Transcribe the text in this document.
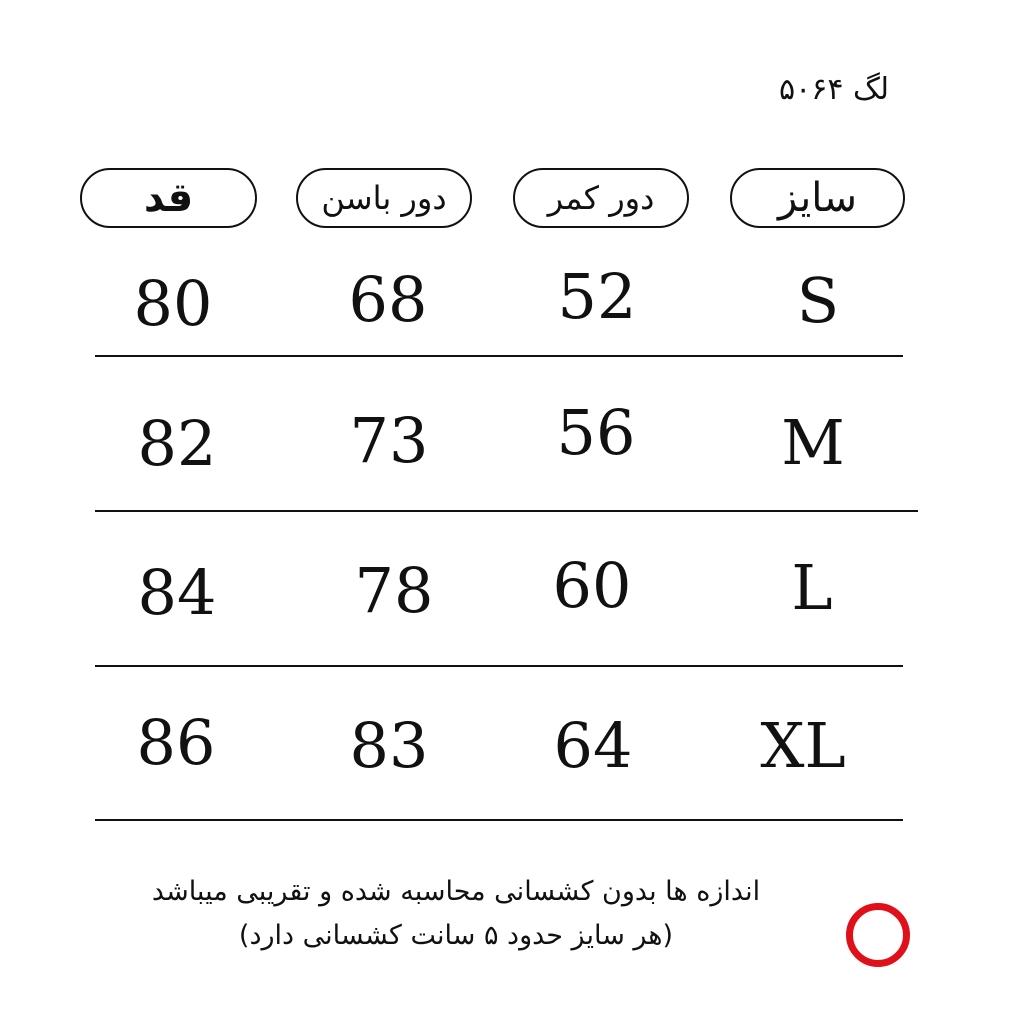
لگ ۵۰۶۴
سایز
دور کمر
دور باسن
قد
S
52
68
80
M
56
73
82
L
60
78
84
XL
64
83
86
اندازه ها بدون کشسانی محاسبه شده و تقریبی میباشد
(هر سایز حدود ۵ سانت کشسانی دارد)
